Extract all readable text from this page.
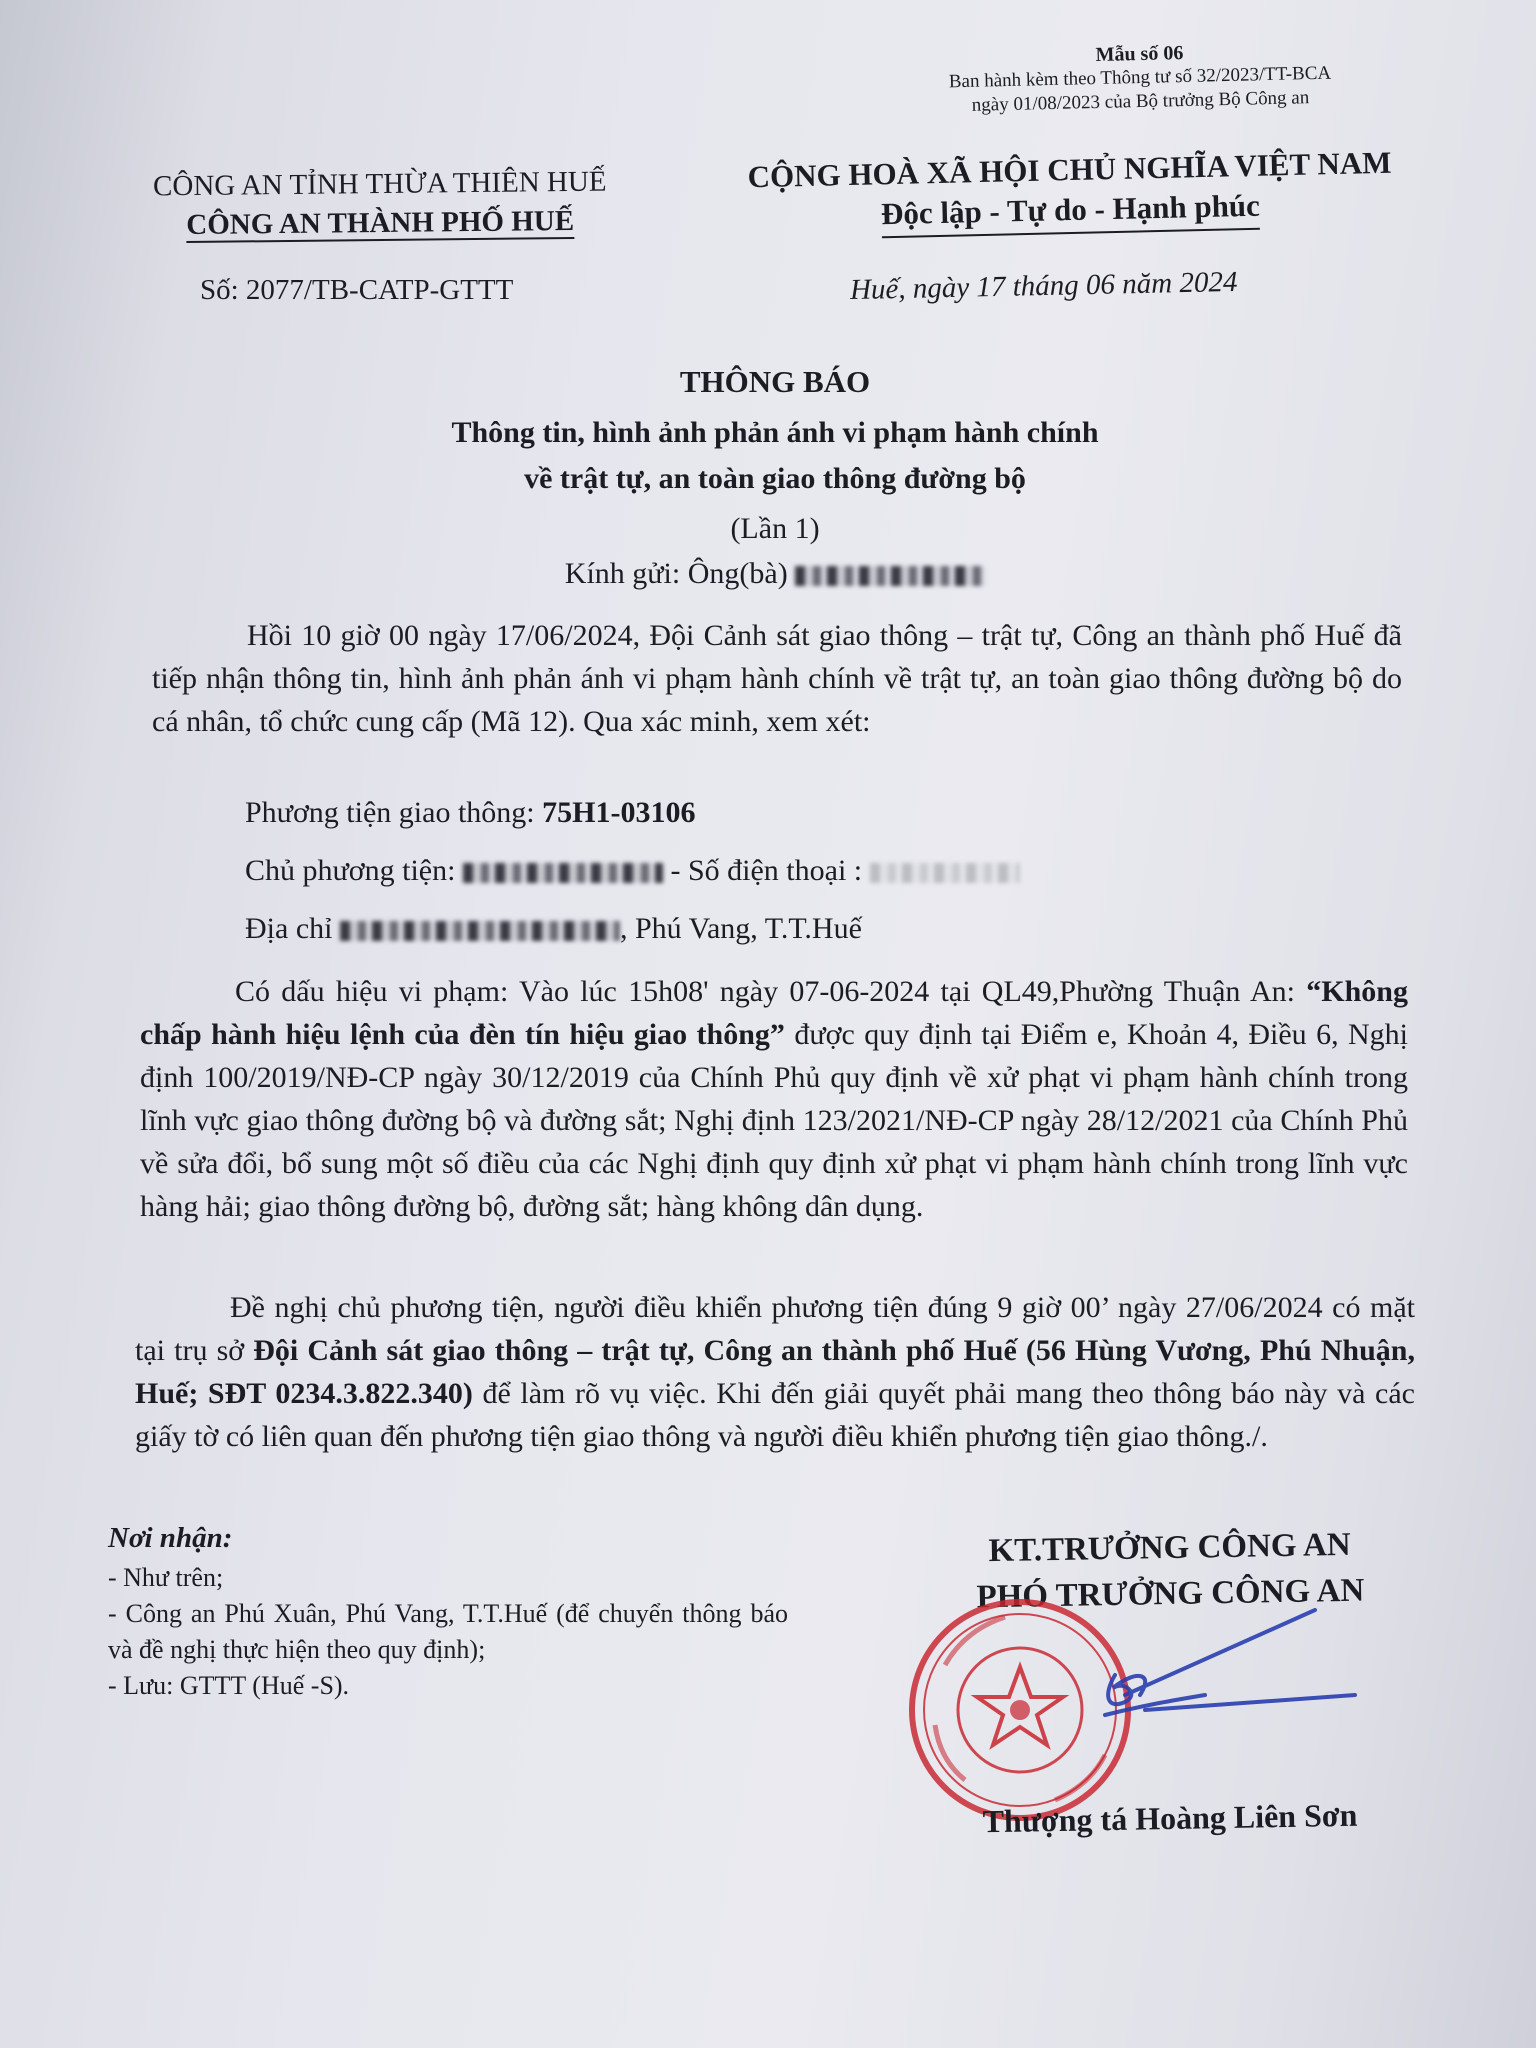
Mẫu số 06
Ban hành kèm theo Thông tư số 32/2023/TT-BCA
ngày 01/08/2023 của Bộ trưởng Bộ Công an
CÔNG AN TỈNH THỪA THIÊN HUẾ
CÔNG AN THÀNH PHỐ HUẾ
CỘNG HOÀ XÃ HỘI CHỦ NGHĨA VIỆT NAM
Độc lập - Tự do - Hạnh phúc
Số: 2077/TB-CATP-GTTT	Huế, ngày 17 tháng 06 năm 2024
THÔNG BÁO
Thông tin, hình ảnh phản ánh vi phạm hành chính
về trật tự, an toàn giao thông đường bộ
(Lần 1)
Kính gửi: Ông(bà)

Hồi 10 giờ 00 ngày 17/06/2024, Đội Cảnh sát giao thông – trật tự, Công an thành phố Huế đã tiếp nhận thông tin, hình ảnh phản ánh vi phạm hành chính về trật tự, an toàn giao thông đường bộ do cá nhân, tổ chức cung cấp (Mã 12). Qua xác minh, xem xét:

Phương tiện giao thông: 75H1-03106
Chủ phương tiện:	- Số điện thoại :
Địa chỉ	, Phú Vang, T.T.Huế

Có dấu hiệu vi phạm: Vào lúc 15h08' ngày 07-06-2024 tại QL49,Phường Thuận An: “Không chấp hành hiệu lệnh của đèn tín hiệu giao thông” được quy định tại Điểm e, Khoản 4, Điều 6, Nghị định 100/2019/NĐ-CP ngày 30/12/2019 của Chính Phủ quy định về xử phạt vi phạm hành chính trong lĩnh vực giao thông đường bộ và đường sắt; Nghị định 123/2021/NĐ-CP ngày 28/12/2021 của Chính Phủ về sửa đổi, bổ sung một số điều của các Nghị định quy định xử phạt vi phạm hành chính trong lĩnh vực hàng hải; giao thông đường bộ, đường sắt; hàng không dân dụng.

Đề nghị chủ phương tiện, người điều khiển phương tiện đúng 9 giờ 00’ ngày 27/06/2024 có mặt tại trụ sở Đội Cảnh sát giao thông – trật tự, Công an thành phố Huế (56 Hùng Vương, Phú Nhuận, Huế; SĐT 0234.3.822.340) để làm rõ vụ việc. Khi đến giải quyết phải mang theo thông báo này và các giấy tờ có liên quan đến phương tiện giao thông và người điều khiển phương tiện giao thông./.

Nơi nhận:
- Như trên;
- Công an Phú Xuân, Phú Vang, T.T.Huế (để chuyển thông báo và đề nghị thực hiện theo quy định);
- Lưu: GTTT (Huế -S).
KT.TRƯỞNG CÔNG AN
PHÓ TRƯỞNG CÔNG AN
Thượng tá Hoàng Liên Sơn
